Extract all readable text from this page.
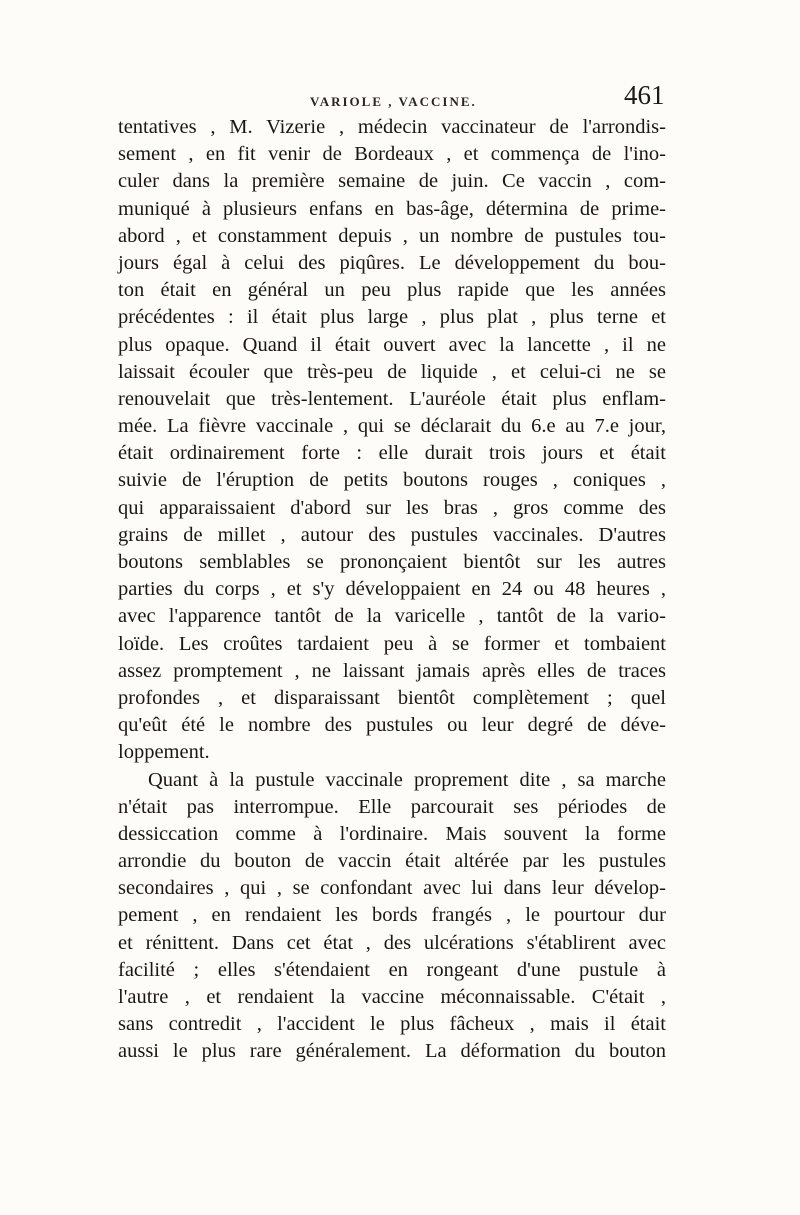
VARIOLE , VACCINE.	461
tentatives , M. Vizerie , médecin vaccinateur de l'arrondis-
sement , en fit venir de Bordeaux , et commença de l'ino-
culer dans la première semaine de juin. Ce vaccin , com-
muniqué à plusieurs enfans en bas-âge, détermina de prime-
abord , et constamment depuis , un nombre de pustules tou-
jours égal à celui des piqûres. Le développement du bou-
ton était en général un peu plus rapide que les années
précédentes : il était plus large , plus plat , plus terne et
plus opaque. Quand il était ouvert avec la lancette , il ne
laissait écouler que très-peu de liquide , et celui-ci ne se
renouvelait que très-lentement. L'auréole était plus enflam-
mée. La fièvre vaccinale , qui se déclarait du 6.e au 7.e jour,
était ordinairement forte : elle durait trois jours et était
suivie de l'éruption de petits boutons rouges , coniques ,
qui apparaissaient d'abord sur les bras , gros comme des
grains de millet , autour des pustules vaccinales. D'autres
boutons semblables se prononçaient bientôt sur les autres
parties du corps , et s'y développaient en 24 ou 48 heures ,
avec l'apparence tantôt de la varicelle , tantôt de la vario-
loïde. Les croûtes tardaient peu à se former et tombaient
assez promptement , ne laissant jamais après elles de traces
profondes , et disparaissant bientôt complètement ; quel
qu'eût été le nombre des pustules ou leur degré de déve-
loppement.
Quant à la pustule vaccinale proprement dite , sa marche
n'était pas interrompue. Elle parcourait ses périodes de
dessiccation comme à l'ordinaire. Mais souvent la forme
arrondie du bouton de vaccin était altérée par les pustules
secondaires , qui , se confondant avec lui dans leur dévelop-
pement , en rendaient les bords frangés , le pourtour dur
et rénittent. Dans cet état , des ulcérations s'établirent avec
facilité ; elles s'étendaient en rongeant d'une pustule à
l'autre , et rendaient la vaccine méconnaissable. C'était ,
sans contredit , l'accident le plus fâcheux , mais il était
aussi le plus rare généralement. La déformation du bouton
